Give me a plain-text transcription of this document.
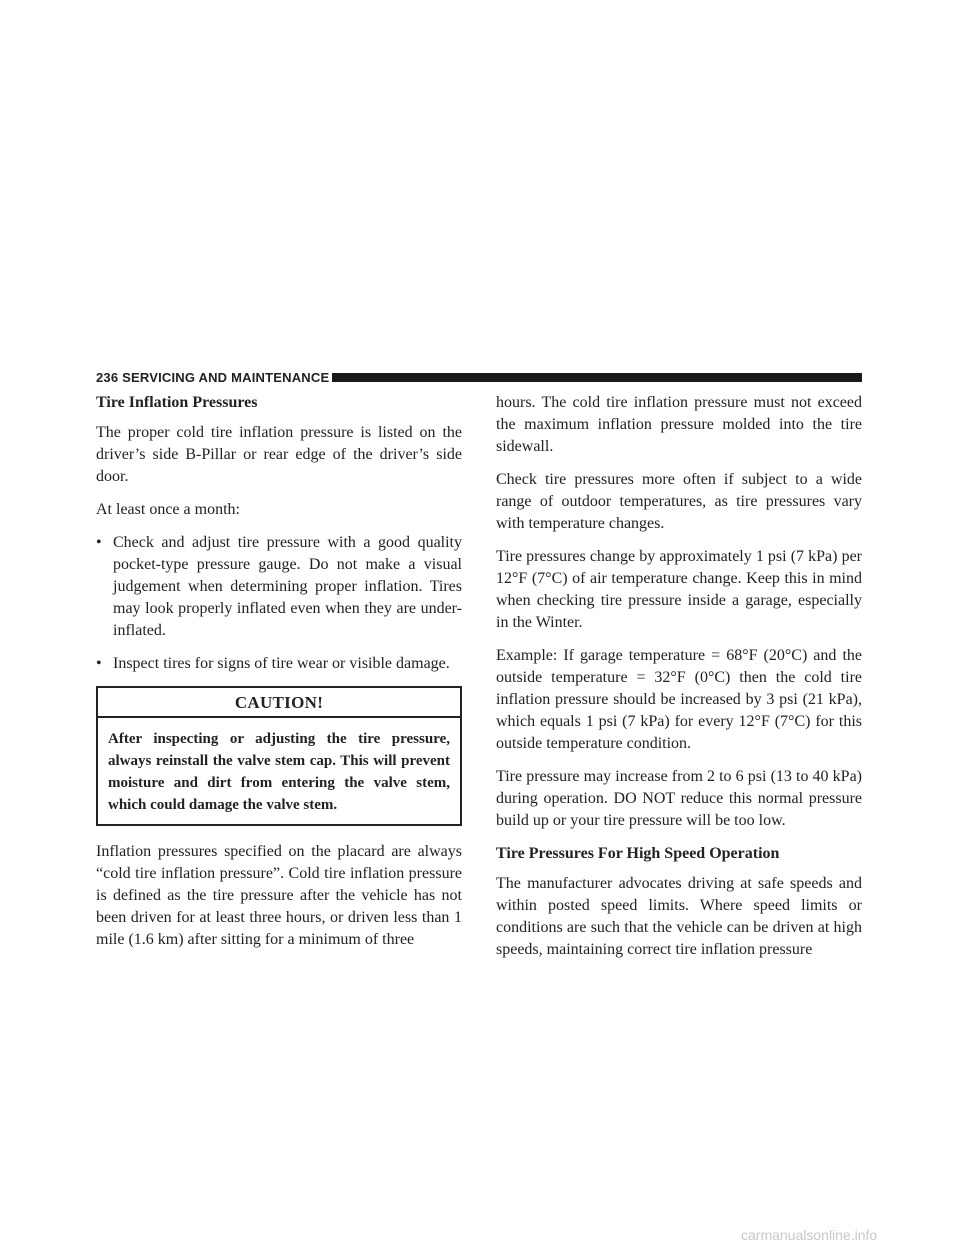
236 SERVICING AND MAINTENANCE
Tire Inflation Pressures

The proper cold tire inflation pressure is listed on the driver’s side B-Pillar or rear edge of the driver’s side door.

At least once a month:

• Check and adjust tire pressure with a good quality pocket-type pressure gauge. Do not make a visual judgement when determining proper inflation. Tires may look properly inflated even when they are under-inflated.
• Inspect tires for signs of tire wear or visible damage.
CAUTION!
After inspecting or adjusting the tire pressure, always reinstall the valve stem cap. This will prevent moisture and dirt from entering the valve stem, which could damage the valve stem.

Inflation pressures specified on the placard are always “cold tire inflation pressure”. Cold tire inflation pressure is defined as the tire pressure after the vehicle has not been driven for at least three hours, or driven less than 1 mile (1.6 km) after sitting for a minimum of three

hours. The cold tire inflation pressure must not exceed the maximum inflation pressure molded into the tire sidewall.

Check tire pressures more often if subject to a wide range of outdoor temperatures, as tire pressures vary with temperature changes.

Tire pressures change by approximately 1 psi (7 kPa) per 12°F (7°C) of air temperature change. Keep this in mind when checking tire pressure inside a garage, especially in the Winter.

Example: If garage temperature = 68°F (20°C) and the outside temperature = 32°F (0°C) then the cold tire inflation pressure should be increased by 3 psi (21 kPa), which equals 1 psi (7 kPa) for every 12°F (7°C) for this outside temperature condition.

Tire pressure may increase from 2 to 6 psi (13 to 40 kPa) during operation. DO NOT reduce this normal pressure build up or your tire pressure will be too low.

Tire Pressures For High Speed Operation

The manufacturer advocates driving at safe speeds and within posted speed limits. Where speed limits or conditions are such that the vehicle can be driven at high speeds, maintaining correct tire inflation pressure

carmanualsonline.info
